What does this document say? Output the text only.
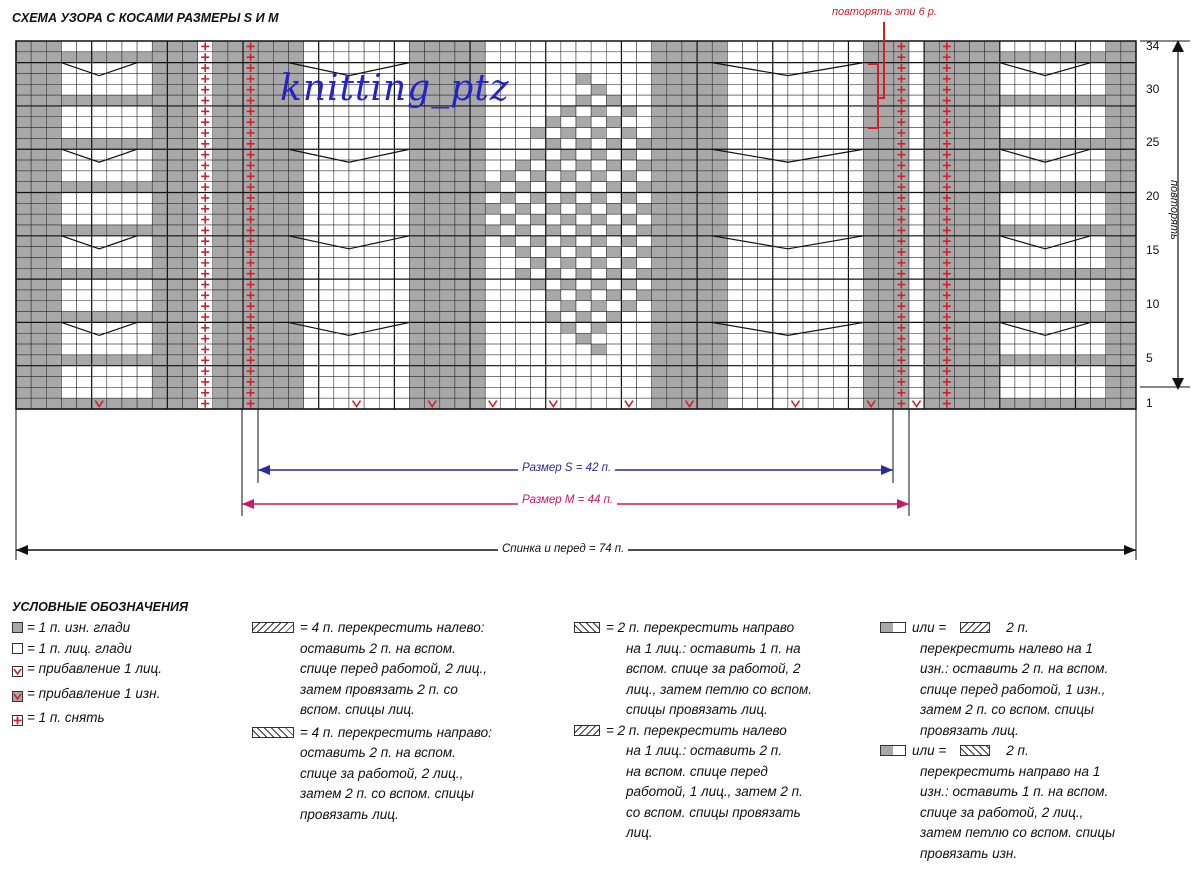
СХЕМА УЗОРА С КОСАМИ РАЗМЕРЫ S И М	повторять эти 6 р.
knitting_ptz
34
30
25
20
15
10
5
1
повторять
Размер S = 42 п.
Размер М = 44 п.
Спинка и перед = 74 п.
УСЛОВНЫЕ ОБОЗНАЧЕНИЯ
= 1 п. изн. глади
= 1 п. лиц. глади
= прибавление 1 лиц.
= прибавление 1 изн.
= 1 п. снять
= 4 п. перекрестить налево:
оставить 2 п. на вспом.
спице перед работой, 2 лиц.,
затем провязать 2 п. со
вспом. спицы лиц.
= 4 п. перекрестить направо:
оставить 2 п. на вспом.
спице за работой, 2 лиц.,
затем 2 п. со вспом. спицы
провязать лиц.
= 2 п. перекрестить направо
на 1 лиц.: оставить 1 п. на
вспом. спице за работой, 2
лиц., затем петлю со вспом.
спицы провязать лиц.
= 2 п. перекрестить налево
на 1 лиц.: оставить 2 п.
на вспом. спице перед
работой, 1 лиц., затем 2 п.
со вспом. спицы провязать
лиц.
или =	2 п.
перекрестить налево на 1
изн.: оставить 2 п. на вспом.
спице перед работой, 1 изн.,
затем 2 п. со вспом. спицы
провязать лиц.
или =	2 п.
перекрестить направо на 1
изн.: оставить 1 п. на вспом.
спице за работой, 2 лиц.,
затем петлю со вспом. спицы
провязать изн.
